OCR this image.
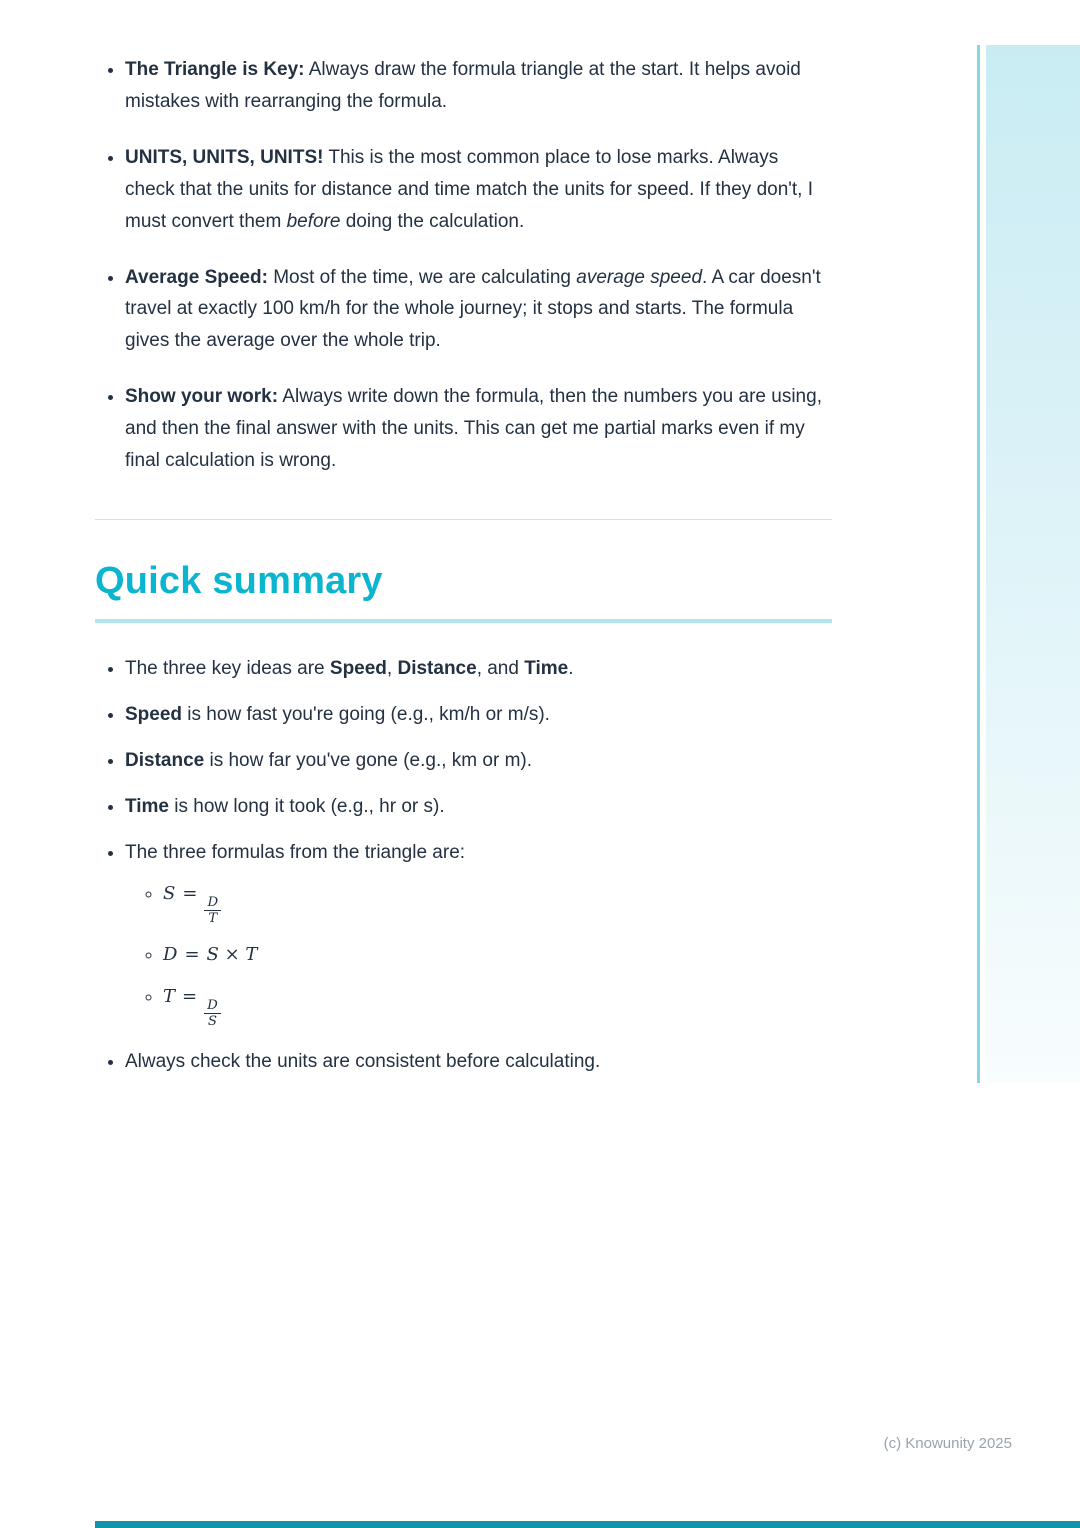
• The Triangle is Key: Always draw the formula triangle at the start. It helps avoid mistakes with rearranging the formula.
• UNITS, UNITS, UNITS! This is the most common place to lose marks. Always check that the units for distance and time match the units for speed. If they don't, I must convert them before doing the calculation.
• Average Speed: Most of the time, we are calculating average speed. A car doesn't travel at exactly 100 km/h for the whole journey; it stops and starts. The formula gives the average over the whole trip.
• Show your work: Always write down the formula, then the numbers you are using, and then the final answer with the units. This can get me partial marks even if my final calculation is wrong.
Quick summary
• The three key ideas are Speed, Distance, and Time.
• Speed is how fast you're going (e.g., km/h or m/s).
• Distance is how far you've gone (e.g., km or m).
• Time is how long it took (e.g., hr or s).
• The three formulas from the triangle are:
◦ S =
$\frac{D}{T}$
◦ D = S × T
◦ T =
$\frac{D}{S}$
• Always check the units are consistent before calculating.
(c) Knowunity 2025
